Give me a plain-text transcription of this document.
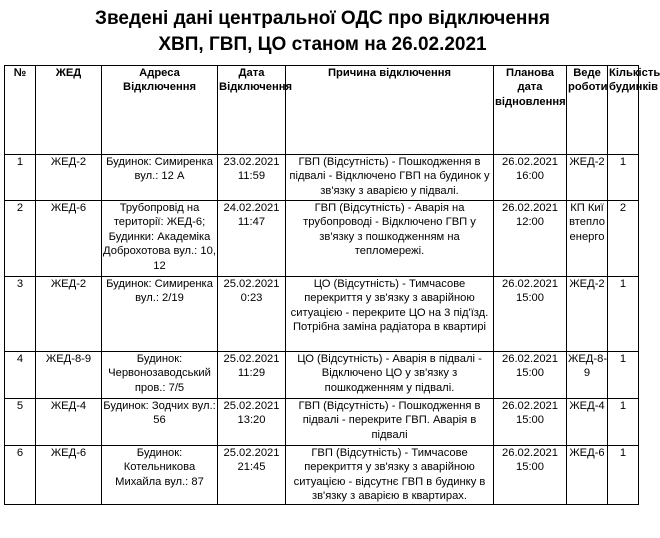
Зведені дані центральної ОДС про відключення
ХВП, ГВП, ЦО станом на 26.02.2021
№	ЖЕД	Адреса Відключення	Дата Відключення	Причина відключення	Планова дата відновлення	Веде роботи	Кількість будинків
1	ЖЕД-2	Будинок: Симиренка вул.: 12 А	23.02.2021 11:59	ГВП (Відсутність) - Пошкодження в підвалі - Відключено ГВП на будинок у зв'язку з аварією у підвалі.	26.02.2021 16:00	ЖЕД-2	1
2	ЖЕД-6	Трубопровід на території: ЖЕД-6; Будинки: Академіка Доброхотова вул.: 10, 12	24.02.2021 11:47	ГВП (Відсутність) - Аварія на трубопроводі - Відключено ГВП у зв'язку з пошкодженням на тепломережі.	26.02.2021 12:00	КП Київтеплоенерго	2
3	ЖЕД-2	Будинок: Симиренка вул.: 2/19	25.02.2021 0:23	ЦО (Відсутність) - Тимчасове перекриття у зв'язку з аварійною ситуацією - перекрите ЦО на 3 під'їзд. Потрібна заміна радіатора в квартирі	26.02.2021 15:00	ЖЕД-2	1
4	ЖЕД-8-9	Будинок: Червонозаводський пров.: 7/5	25.02.2021 11:29	ЦО (Відсутність) - Аварія в підвалі - Відключено ЦО у зв'язку з пошкодженням у підвалі.	26.02.2021 15:00	ЖЕД-8-9	1
5	ЖЕД-4	Будинок: Зодчих вул.: 56	25.02.2021 13:20	ГВП (Відсутність) - Пошкодження в підвалі - перекрите ГВП. Аварія в підвалі	26.02.2021 15:00	ЖЕД-4	1
6	ЖЕД-6	Будинок: Котельникова Михайла вул.: 87	25.02.2021 21:45	ГВП (Відсутність) - Тимчасове перекриття у зв'язку з аварійною ситуацією - відсутнє ГВП в будинку в зв'язку з аварією в квартирах.	26.02.2021 15:00	ЖЕД-6	1
